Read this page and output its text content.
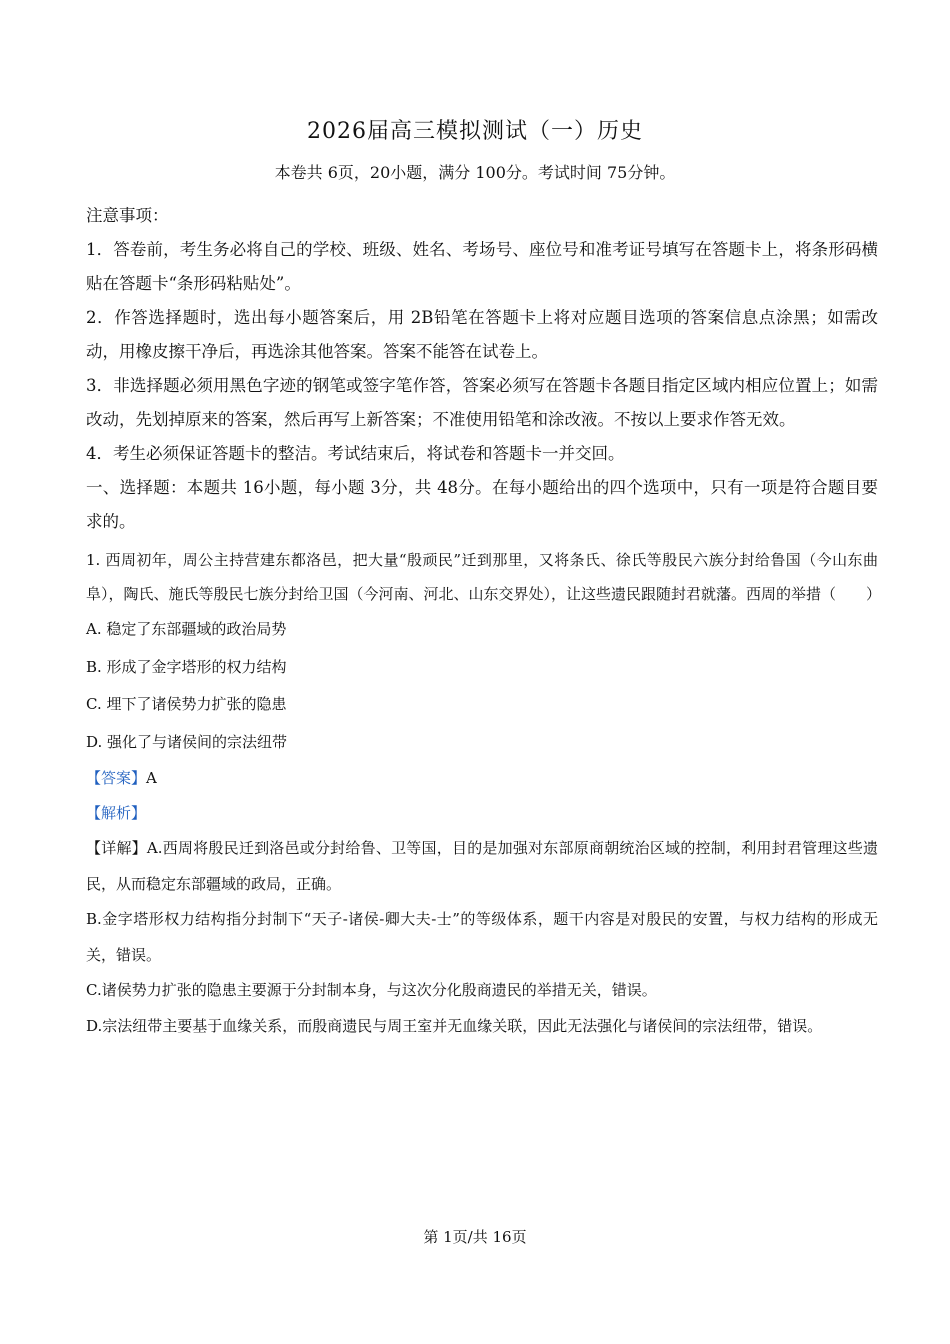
2026届高三模拟测试（一）历史
本卷共 6页，20小题，满分 100分。考试时间 75分钟。

注意事项：

1．答卷前，考生务必将自己的学校、班级、姓名、考场号、座位号和准考证号填写在答题卡上，将条形码横贴在答题卡“条形码粘贴处”。

2．作答选择题时，选出每小题答案后，用 2B铅笔在答题卡上将对应题目选项的答案信息点涂黑；如需改动，用橡皮擦干净后，再选涂其他答案。答案不能答在试卷上。

3．非选择题必须用黑色字迹的钢笔或签字笔作答，答案必须写在答题卡各题目指定区域内相应位置上；如需改动，先划掉原来的答案，然后再写上新答案；不准使用铅笔和涂改液。不按以上要求作答无效。

4．考生必须保证答题卡的整洁。考试结束后，将试卷和答题卡一并交回。

一、选择题：本题共 16小题，每小题 3分，共 48分。在每小题给出的四个选项中，只有一项是符合题目要求的。

1. 西周初年，周公主持营建东都洛邑，把大量“殷顽民”迁到那里，又将条氏、徐氏等殷民六族分封给鲁国（今山东曲阜），陶氏、施氏等殷民七族分封给卫国（今河南、河北、山东交界处），让这些遗民跟随封君就藩。西周的举措（　　）

A. 稳定了东部疆域的政治局势

B. 形成了金字塔形的权力结构

C. 埋下了诸侯势力扩张的隐患

D. 强化了与诸侯间的宗法纽带

【答案】A

【解析】

【详解】A.西周将殷民迁到洛邑或分封给鲁、卫等国，目的是加强对东部原商朝统治区域的控制，利用封君管理这些遗民，从而稳定东部疆域的政局，正确。

B.金字塔形权力结构指分封制下“天子-诸侯-卿大夫-士”的等级体系，题干内容是对殷民的安置，与权力结构的形成无关，错误。

C.诸侯势力扩张的隐患主要源于分封制本身，与这次分化殷商遗民的举措无关，错误。

D.宗法纽带主要基于血缘关系，而殷商遗民与周王室并无血缘关联，因此无法强化与诸侯间的宗法纽带，错误。

第 1页/共 16页
